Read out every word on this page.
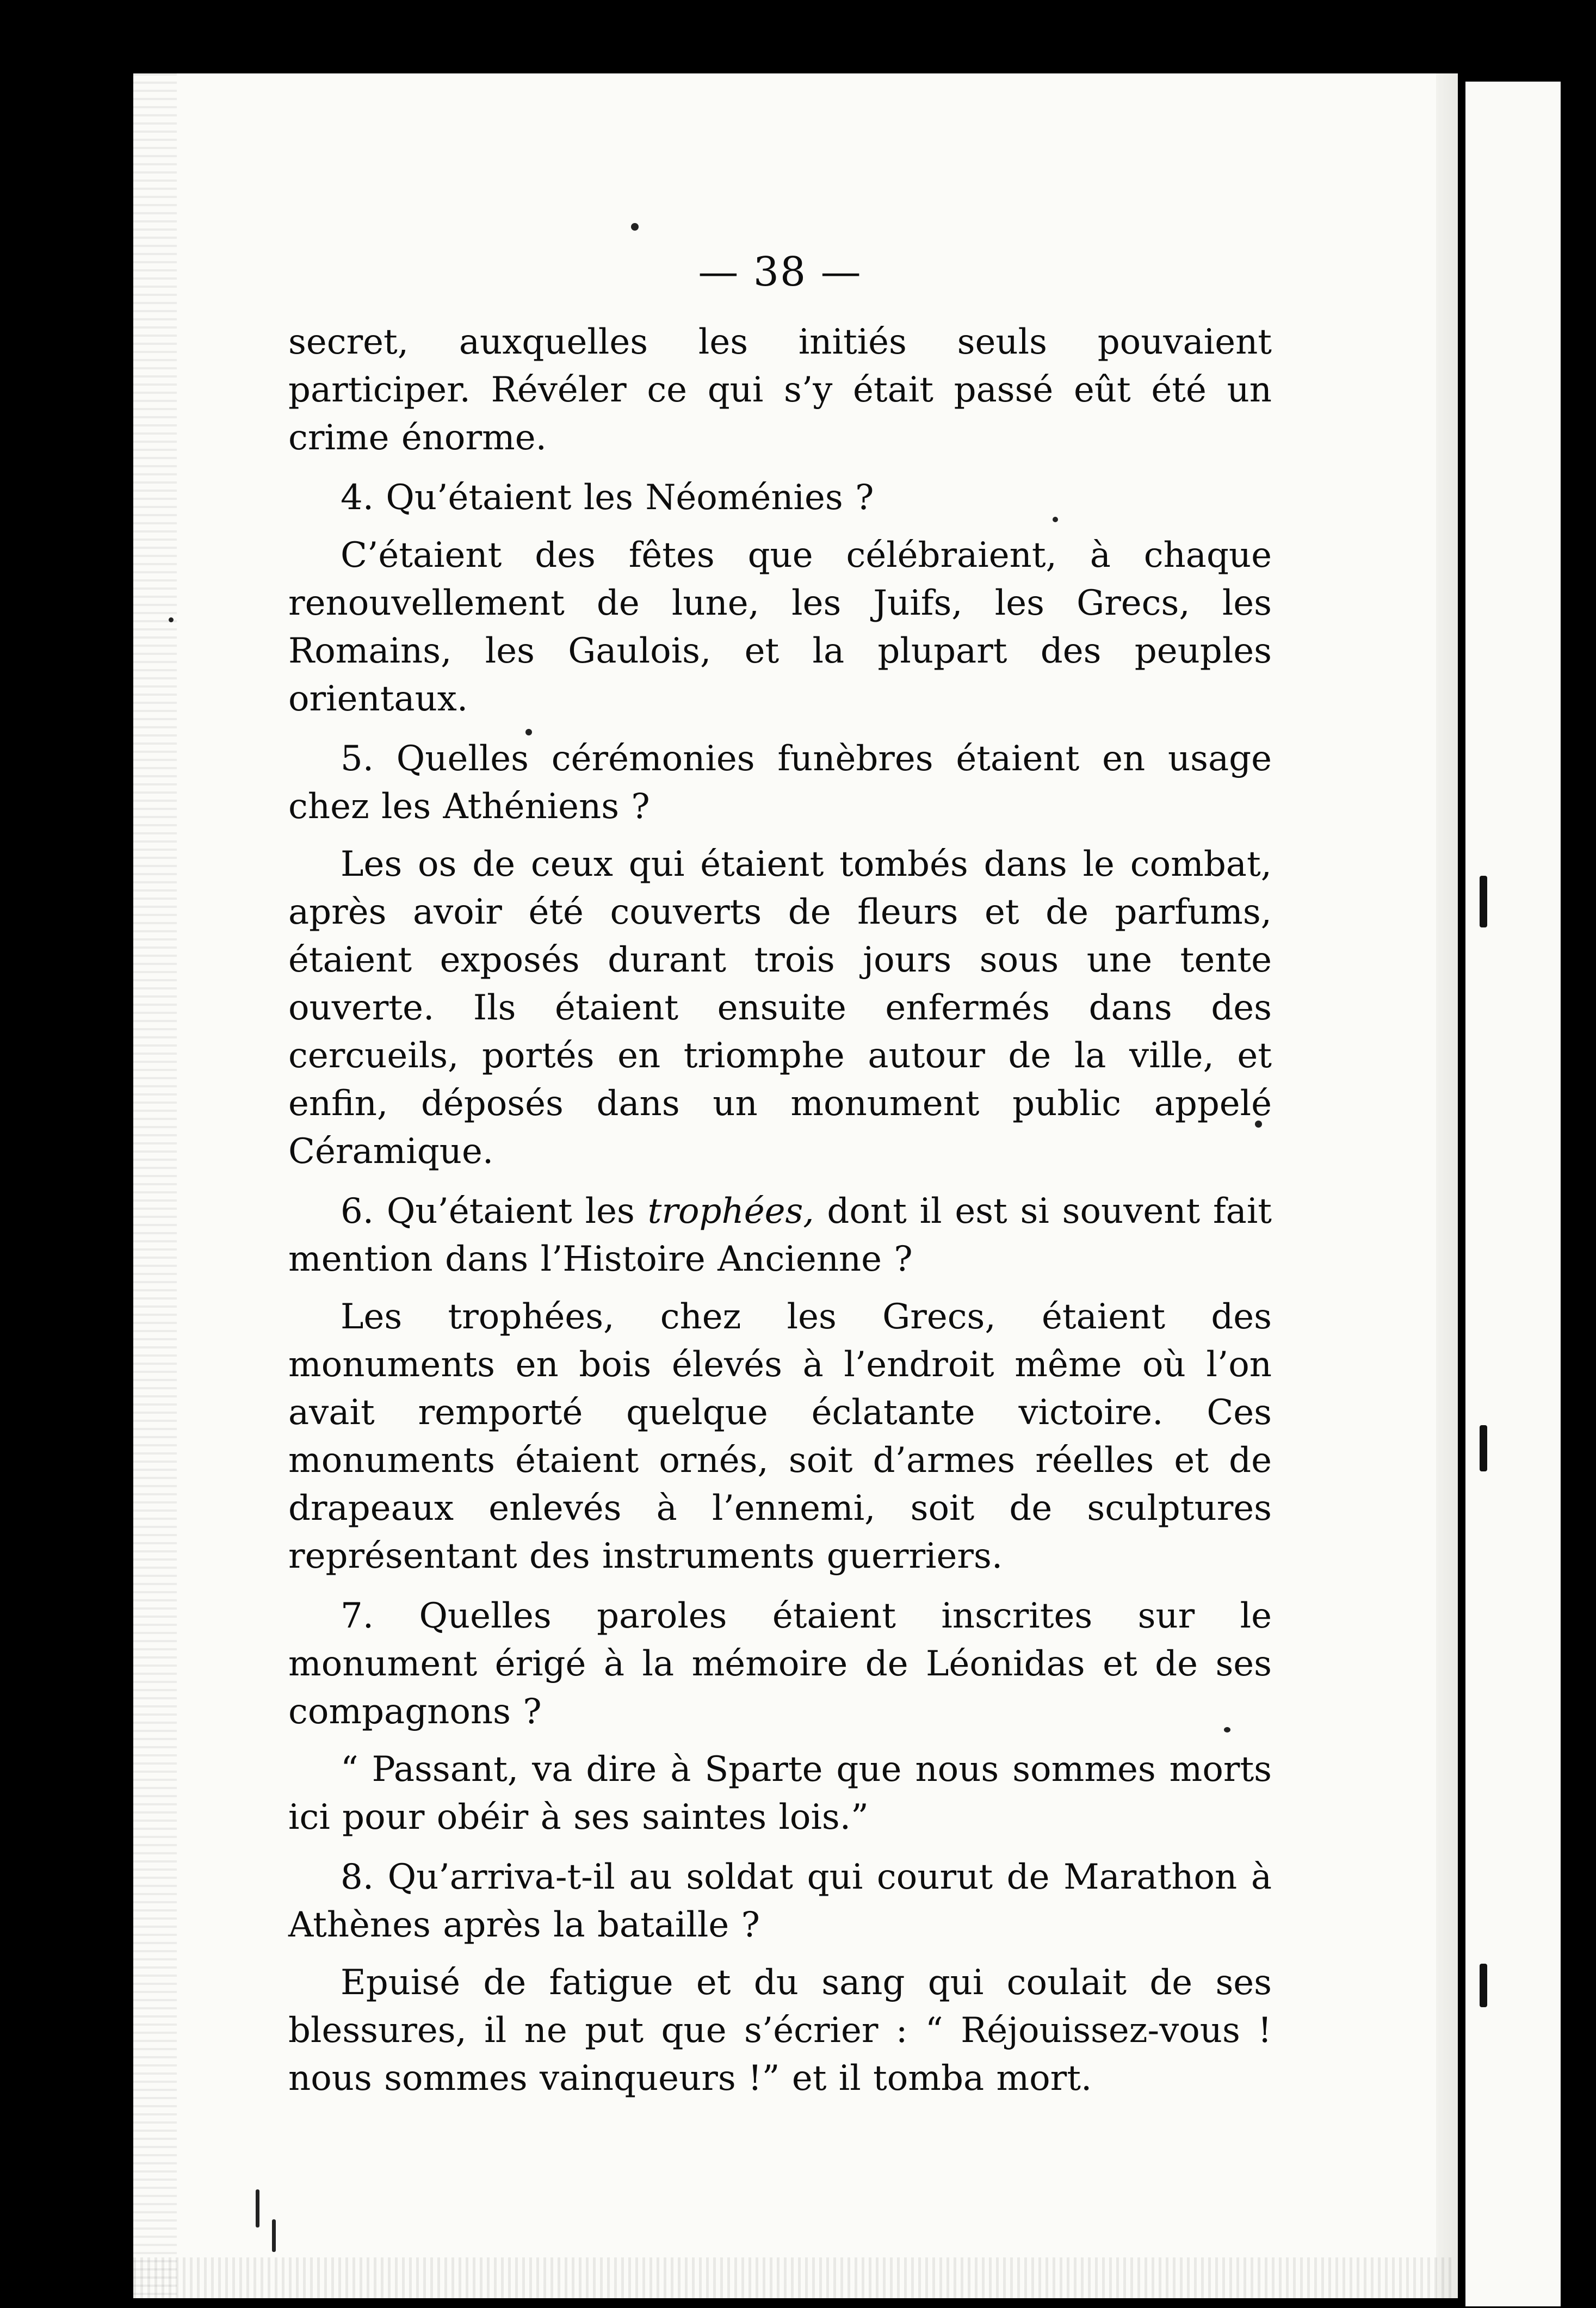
— 38 —

secret, auxquelles les initiés seuls pouvaient participer. Révéler ce qui s’y était passé eût été un crime énorme.

4. Qu’étaient les Néoménies ?

C’étaient des fêtes que célébraient, à chaque renouvellement de lune, les Juifs, les Grecs, les Romains, les Gaulois, et la plupart des peuples orientaux.

5. Quelles cérémonies funèbres étaient en usage chez les Athéniens ?

Les os de ceux qui étaient tombés dans le combat, après avoir été couverts de fleurs et de parfums, étaient exposés durant trois jours sous une tente ouverte. Ils étaient ensuite enfermés dans des cercueils, portés en triomphe autour de la ville, et enfin, déposés dans un monument public appelé Céramique.

6. Qu’étaient les trophées, dont il est si souvent fait mention dans l’Histoire Ancienne ?

Les trophées, chez les Grecs, étaient des monuments en bois élevés à l’endroit même où l’on avait remporté quelque éclatante victoire. Ces monuments étaient ornés, soit d’armes réelles et de drapeaux enlevés à l’ennemi, soit de sculptures représentant des instruments guerriers.

7. Quelles paroles étaient inscrites sur le monument érigé à la mémoire de Léonidas et de ses compagnons ?

“ Passant, va dire à Sparte que nous sommes morts ici pour obéir à ses saintes lois.”

8. Qu’arriva-t-il au soldat qui courut de Marathon à Athènes après la bataille ?

Epuisé de fatigue et du sang qui coulait de ses blessures, il ne put que s’écrier : “ Réjouissez-vous ! nous sommes vainqueurs !” et il tomba mort.
